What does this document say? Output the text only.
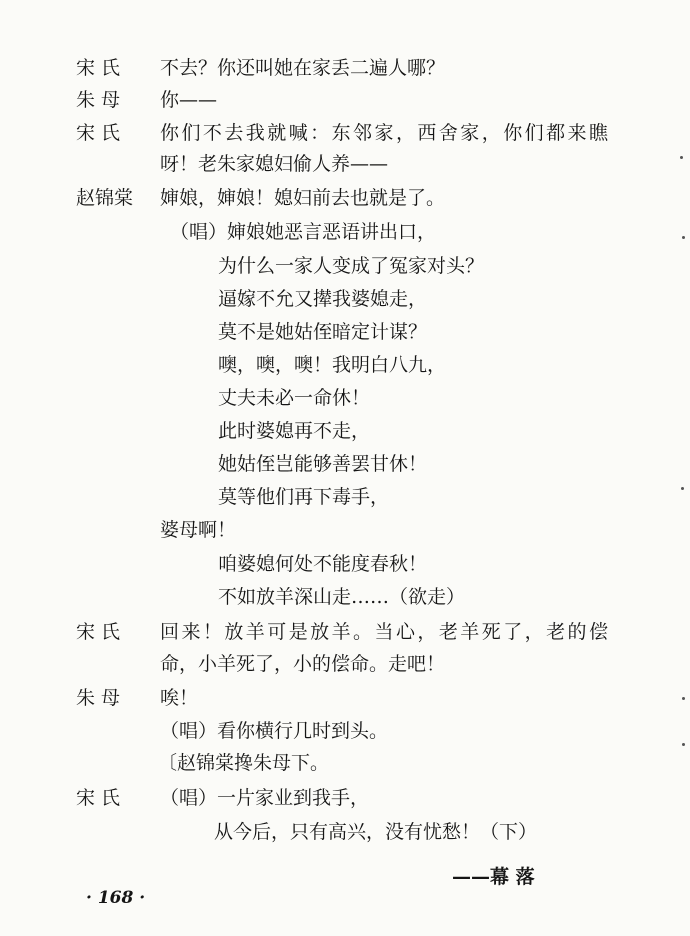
宋 氏 不去？你还叫她在家丢二遍人哪？
朱 母 你——
宋 氏 你们不去我就喊：东邻家，西舍家，你们都来瞧
呀！老朱家媳妇偷人养——
赵锦棠 婶娘，婶娘！媳妇前去也就是了。
（唱）婶娘她恶言恶语讲出口，
为什么一家人变成了冤家对头？
逼嫁不允又撵我婆媳走，
莫不是她姑侄暗定计谋？
噢，噢，噢！我明白八九，
丈夫未必一命休！
此时婆媳再不走，
她姑侄岂能够善罢甘休！
莫等他们再下毒手，
婆母啊！
咱婆媳何处不能度春秋！
不如放羊深山走……（欲走）
宋 氏 回来！放羊可是放羊。当心，老羊死了，老的偿
命，小羊死了，小的偿命。走吧！
朱 母 唉！
（唱）看你横行几时到头。
〔赵锦棠搀朱母下。
宋 氏 （唱）一片家业到我手，
从今后，只有高兴，没有忧愁！（下）
——幕 落
· 168 ·
